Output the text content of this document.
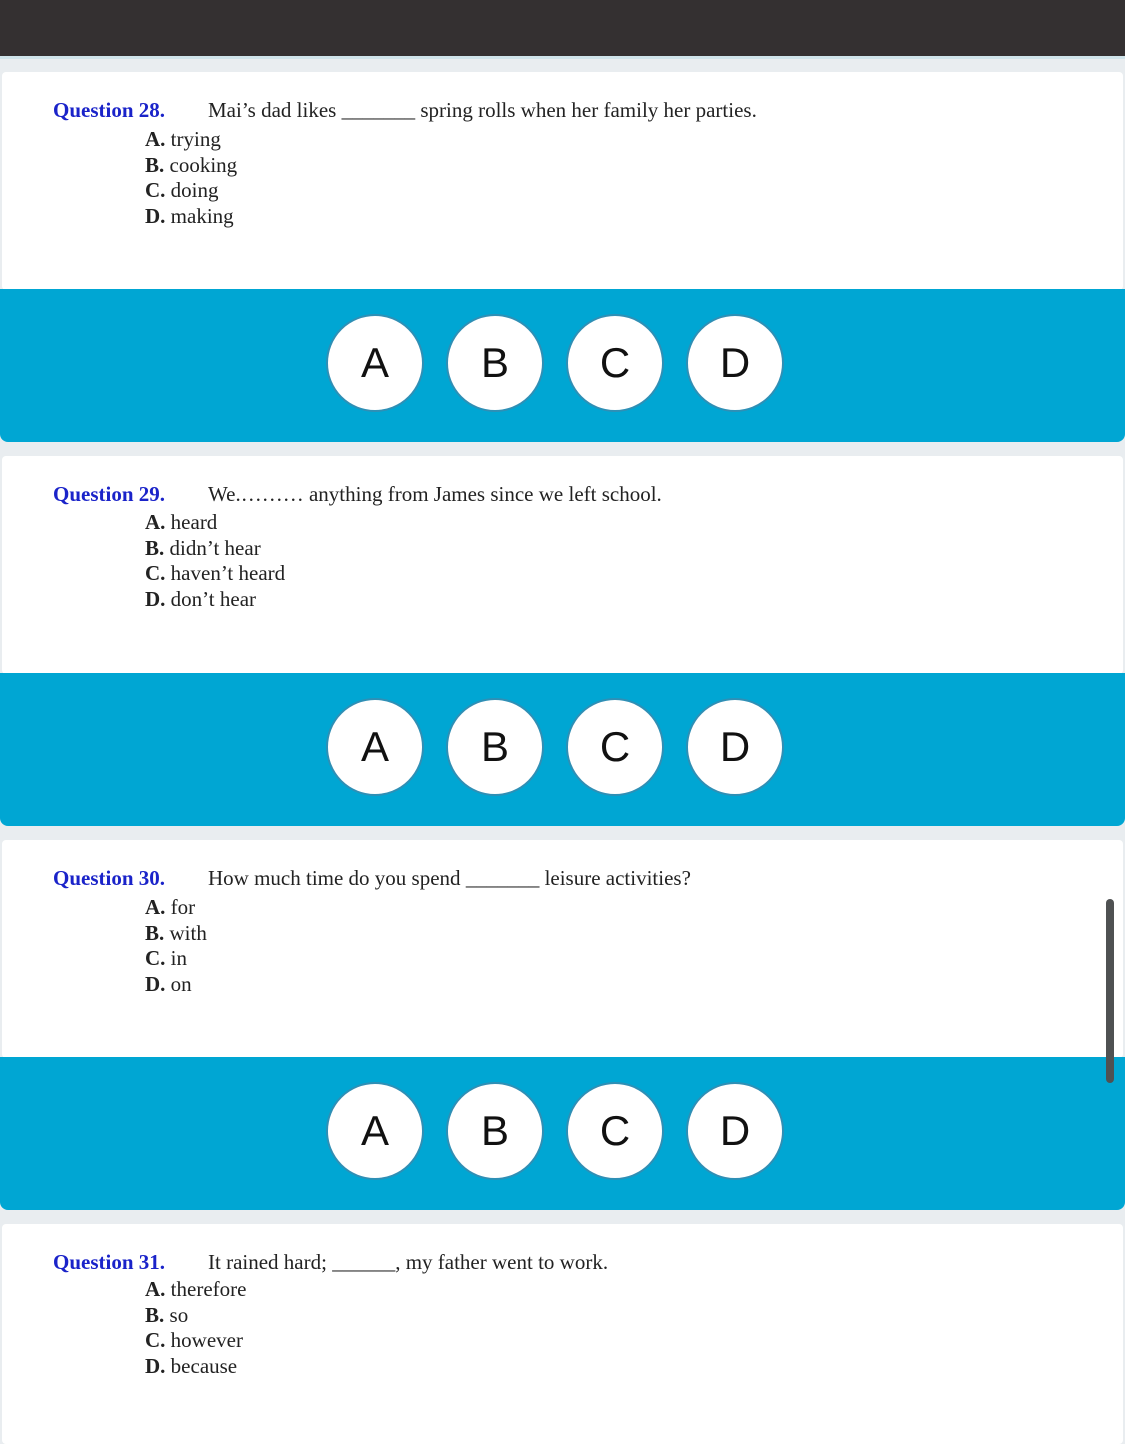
Question 28. Mai’s dad likes _______ spring rolls when her family her parties.
A. trying
B. cooking
C. doing
D. making
A	B	C	D
Question 29. We.……… anything from James since we left school.
A. heard
B. didn’t hear
C. haven’t heard
D. don’t hear
A	B	C	D
Question 30. How much time do you spend _______ leisure activities?
A. for
B. with
C. in
D. on
A	B	C	D
Question 31. It rained hard; ______, my father went to work.
A. therefore
B. so
C. however
D. because
